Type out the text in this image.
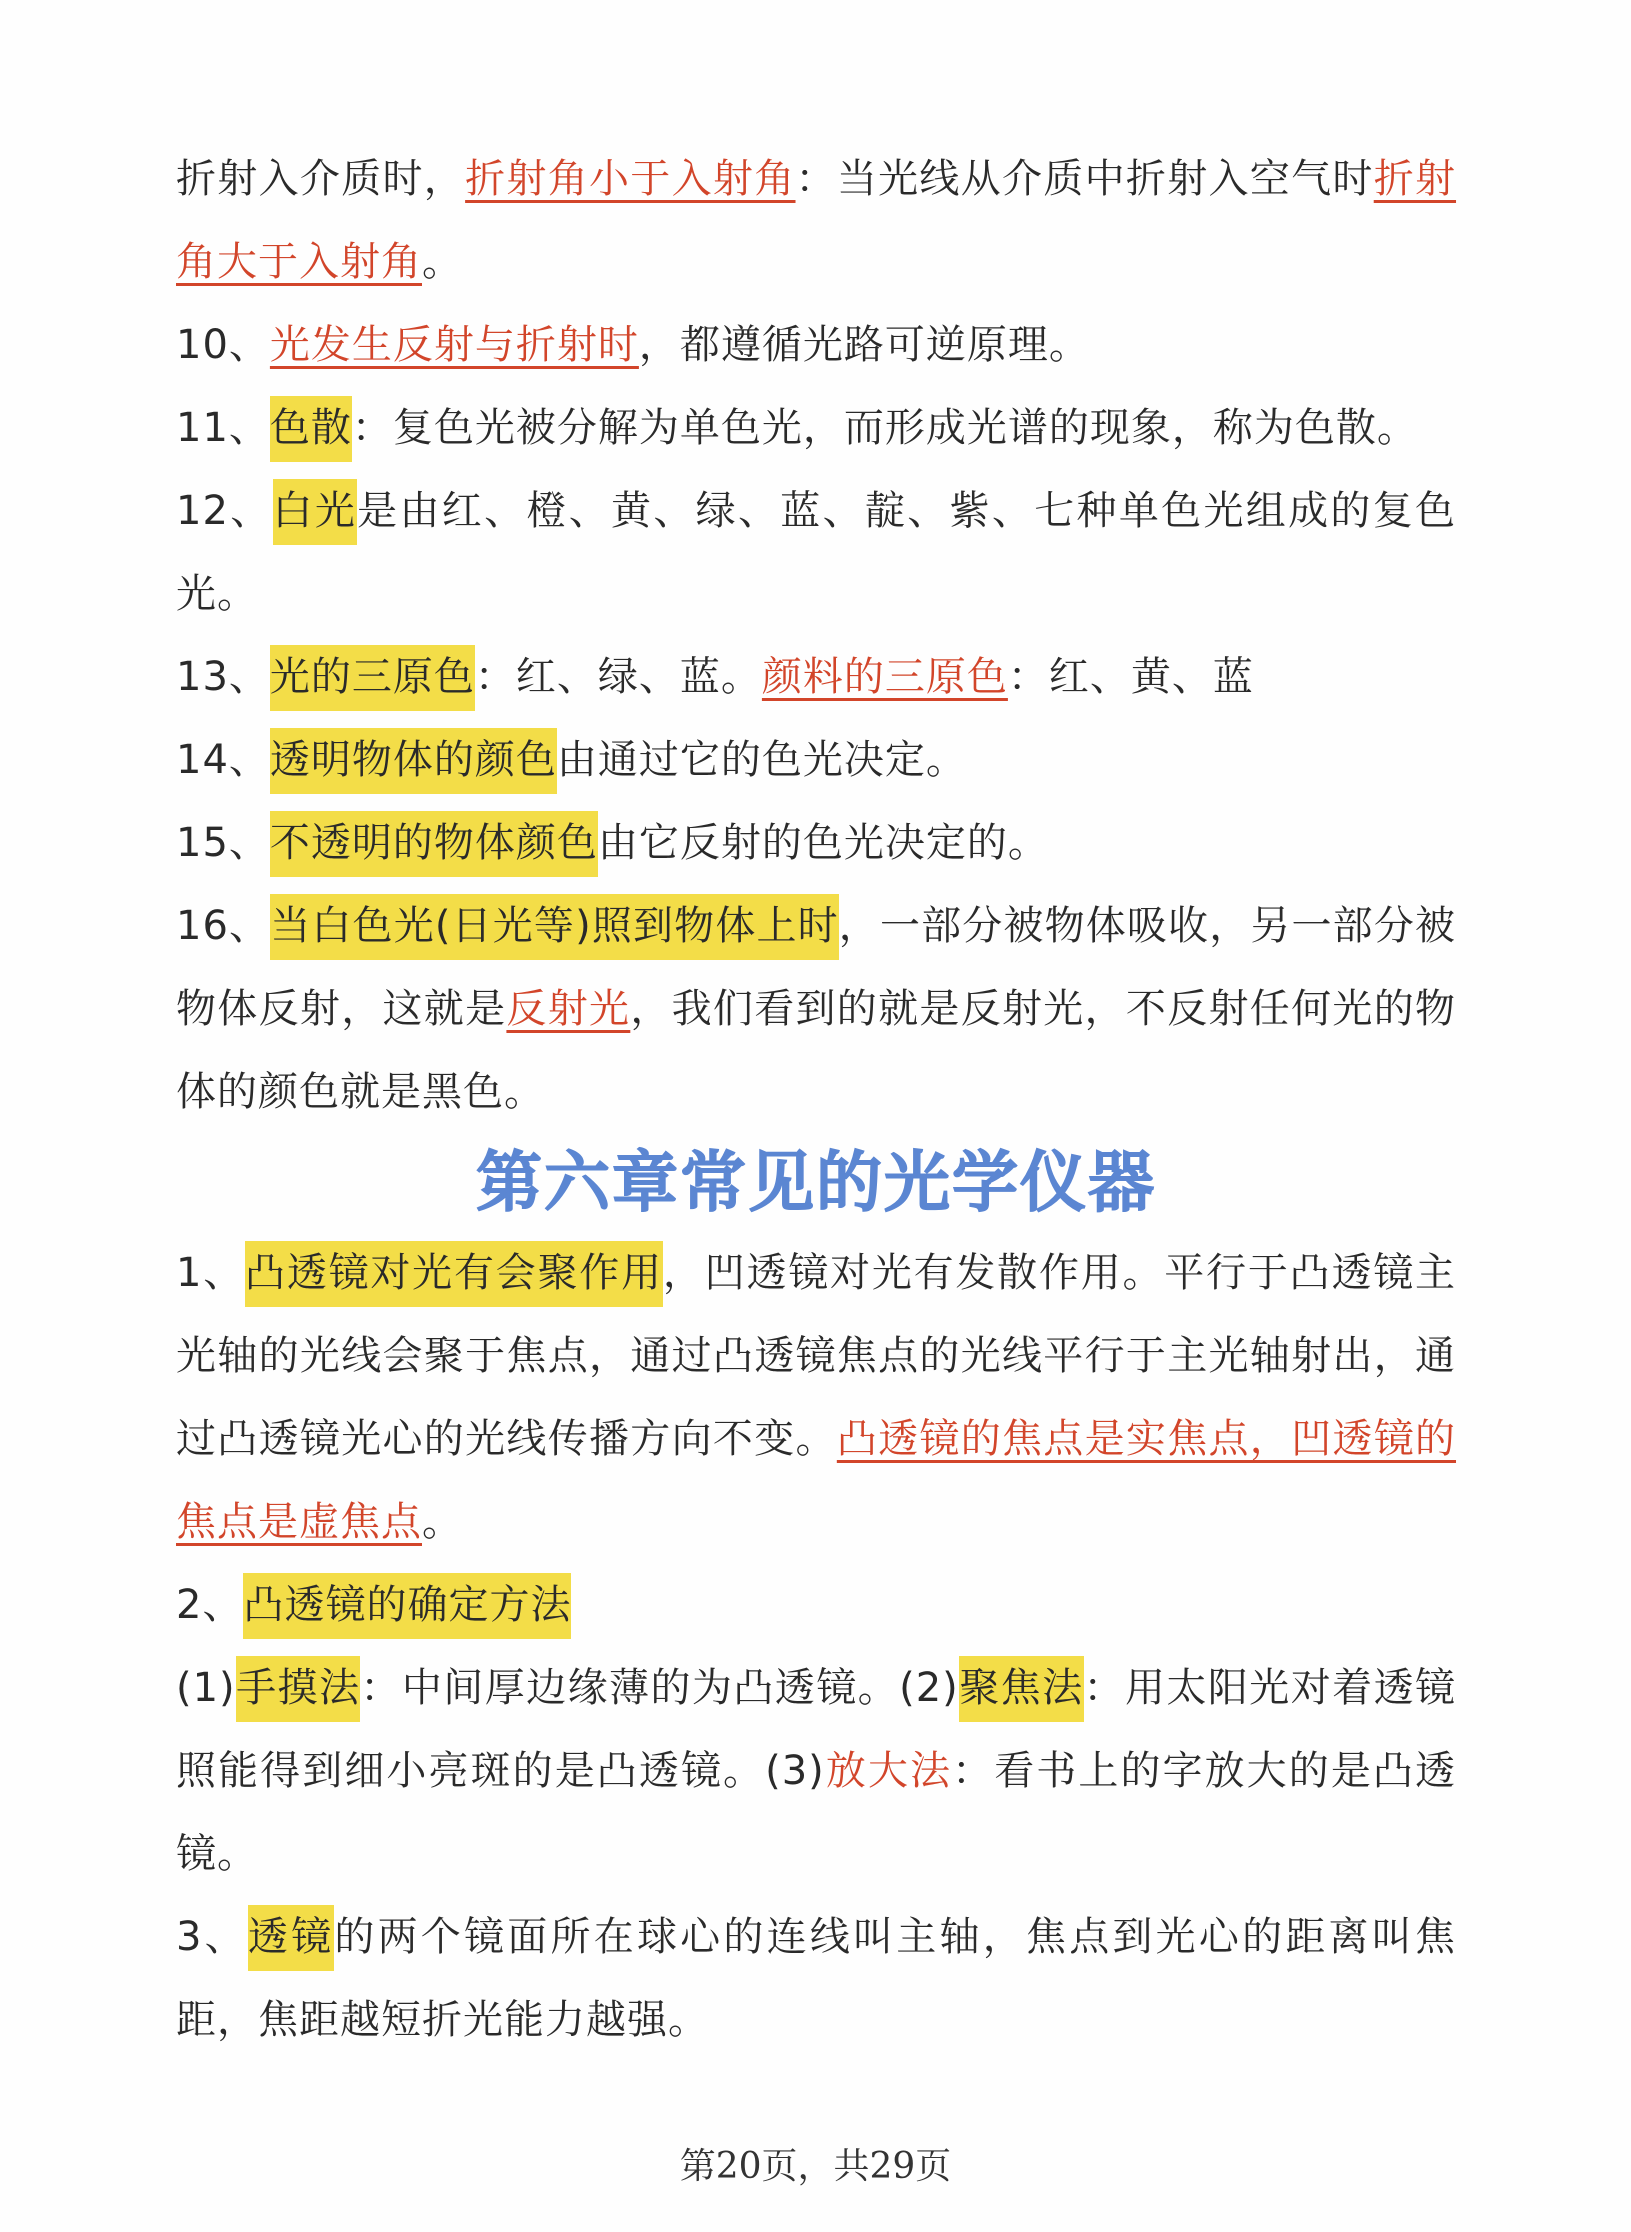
折射入介质时，折射角小于入射角：当光线从介质中折射入空气时折射角大于入射角。

10、光发生反射与折射时，都遵循光路可逆原理。

11、色散：复色光被分解为单色光，而形成光谱的现象，称为色散。

12、白光是由红、橙、黄、绿、蓝、靛、紫、七种单色光组成的复色光。

13、光的三原色：红、绿、蓝。颜料的三原色：红、黄、蓝

14、透明物体的颜色由通过它的色光决定。

15、不透明的物体颜色由它反射的色光决定的。

16、当白色光(日光等)照到物体上时，一部分被物体吸收，另一部分被物体反射，这就是反射光，我们看到的就是反射光，不反射任何光的物体的颜色就是黑色。

第六章常见的光学仪器

1、凸透镜对光有会聚作用，凹透镜对光有发散作用。平行于凸透镜主光轴的光线会聚于焦点，通过凸透镜焦点的光线平行于主光轴射出，通过凸透镜光心的光线传播方向不变。凸透镜的焦点是实焦点，凹透镜的焦点是虚焦点。

2、凸透镜的确定方法

(1)手摸法：中间厚边缘薄的为凸透镜。(2)聚焦法：用太阳光对着透镜照能得到细小亮斑的是凸透镜。(3)放大法：看书上的字放大的是凸透镜。

3、透镜的两个镜面所在球心的连线叫主轴，焦点到光心的距离叫焦距，焦距越短折光能力越强。

第20页，共29页
